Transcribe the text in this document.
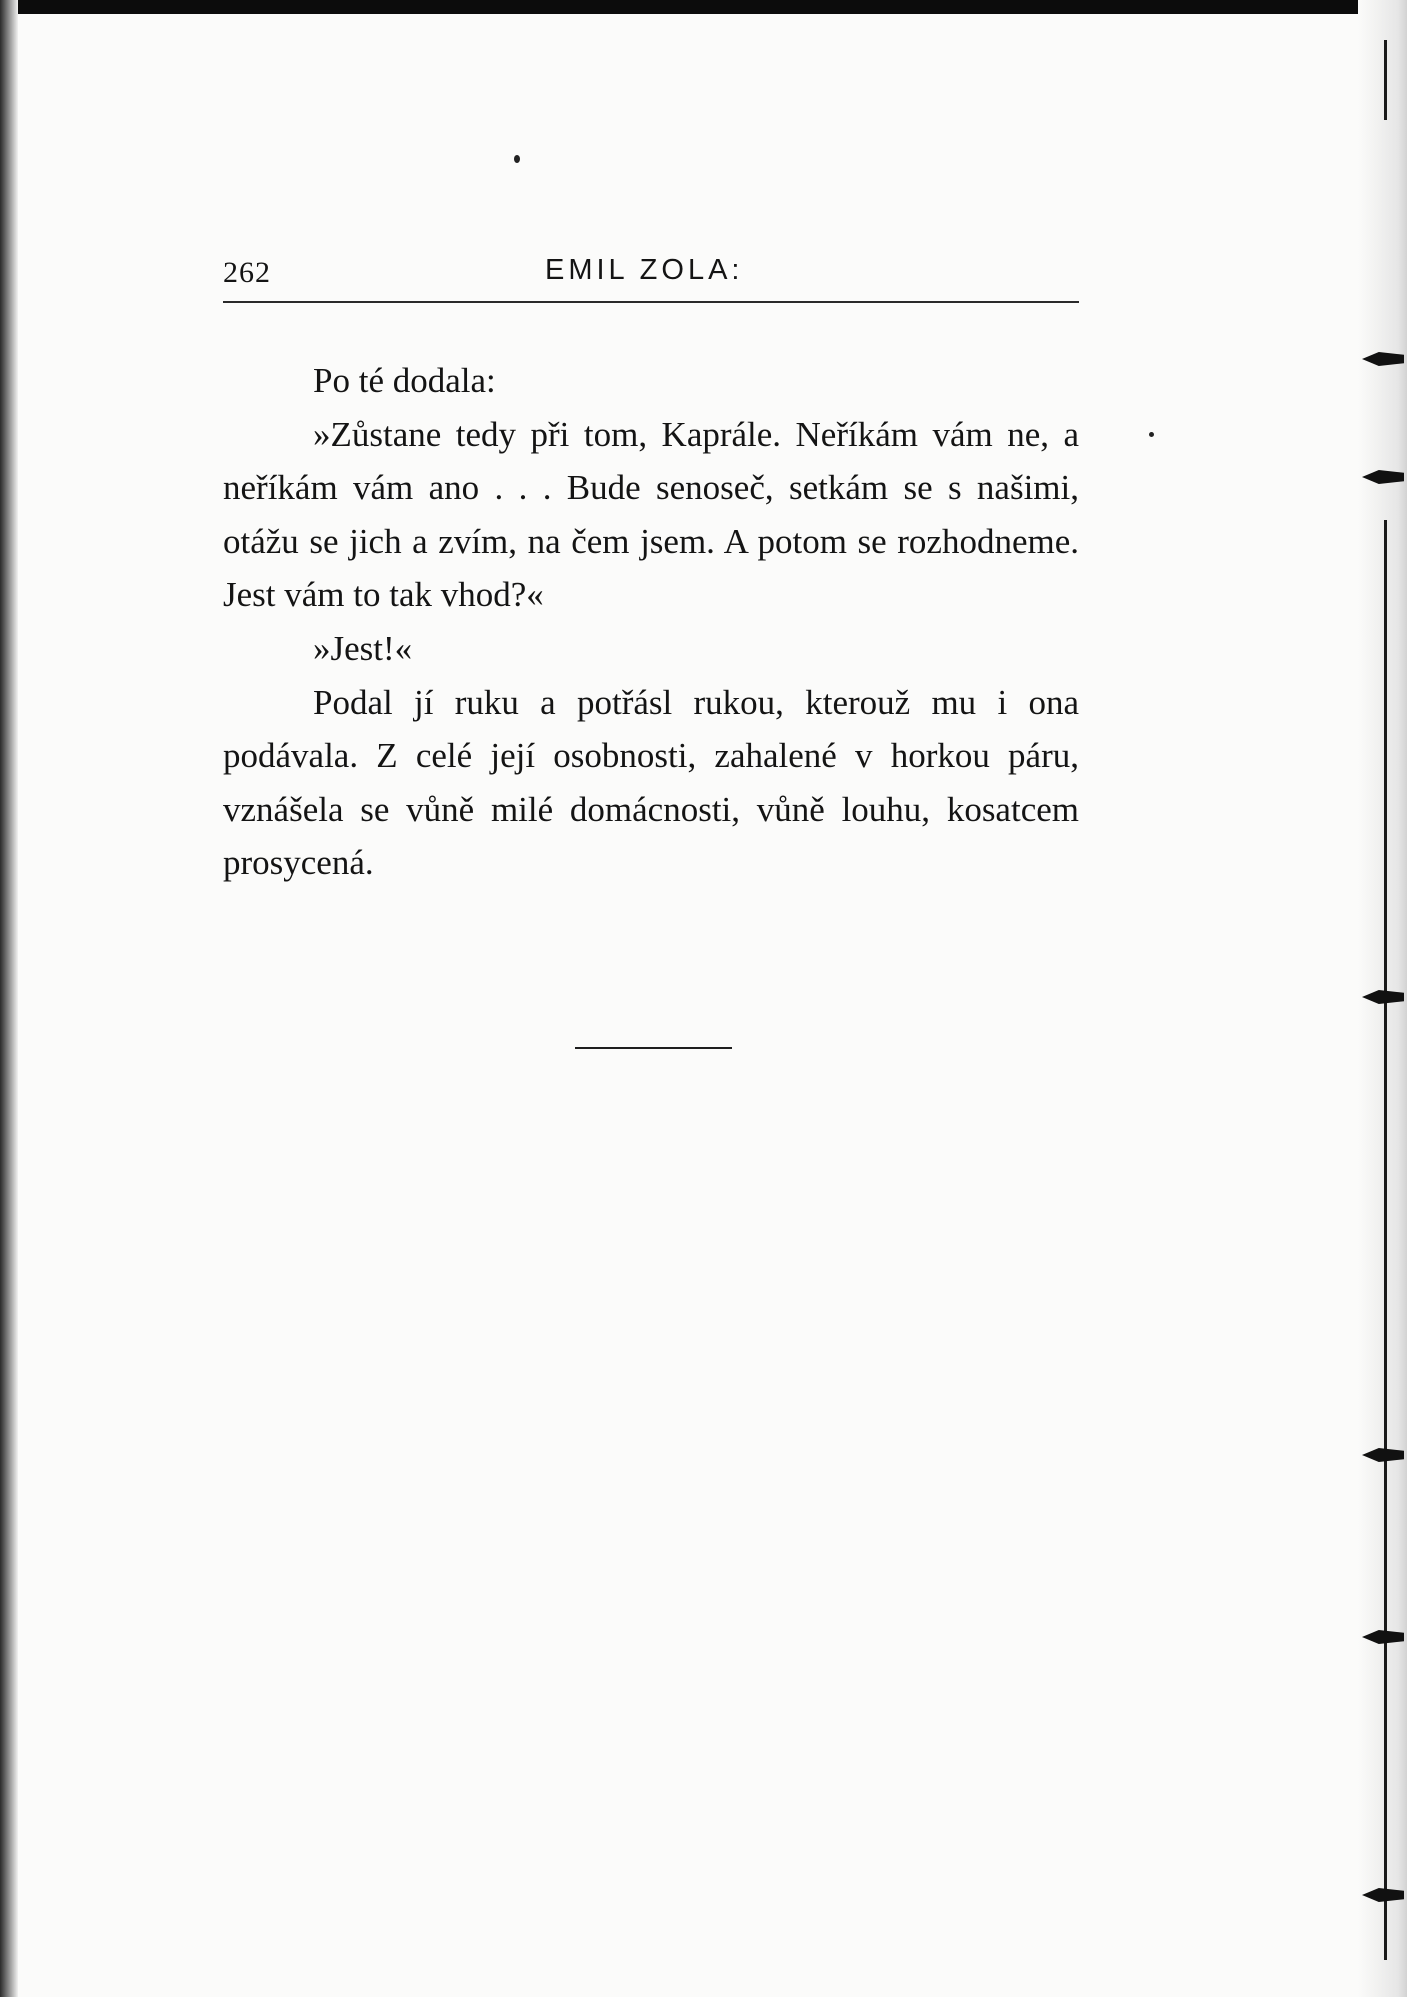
262	EMIL ZOLA:

Po té dodala:

»Zůstane tedy při tom, Kaprále. Neříkám vám ne, a neříkám vám ano . . . Bude senoseč, setkám se s našimi, otážu se jich a zvím, na čem jsem. A potom se rozhodneme. Jest vám to tak vhod?«

»Jest!«

Podal jí ruku a potřásl rukou, kterouž mu i ona podávala. Z celé její osobnosti, zahalené v horkou páru, vznášela se vůně milé domácnosti, vůně louhu, kosatcem prosycená.
